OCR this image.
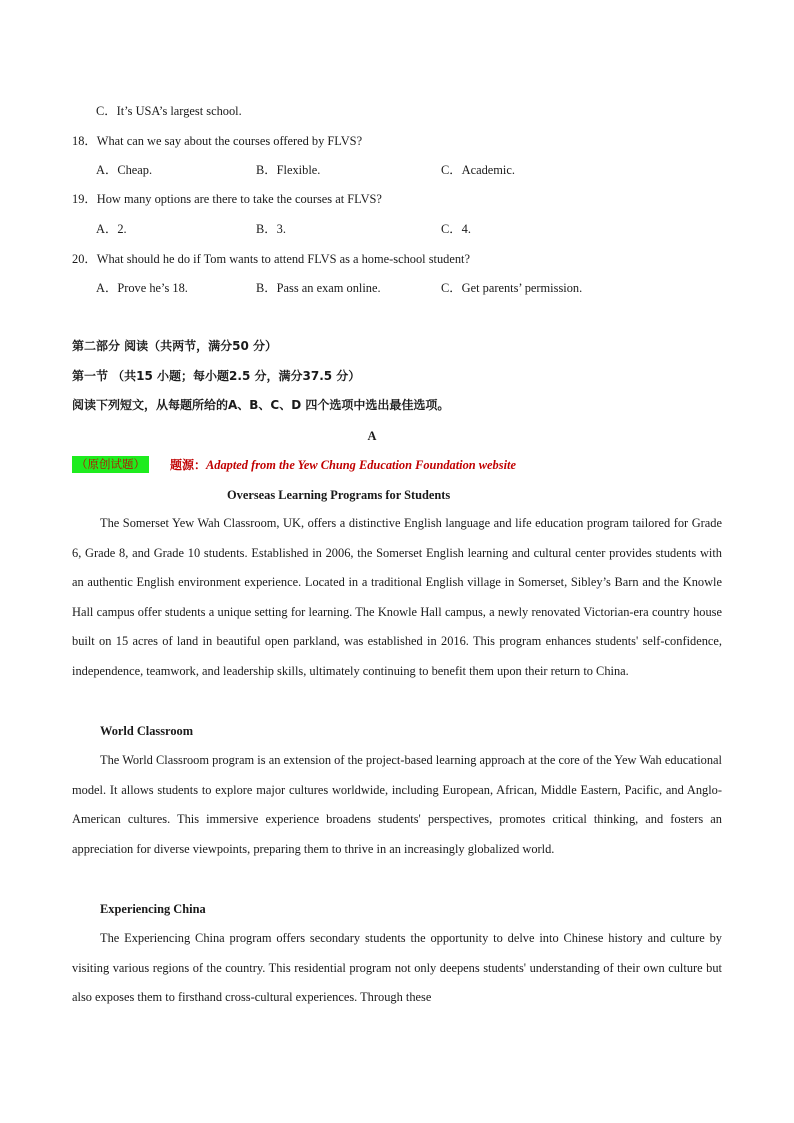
C．It’s USA’s largest school.
18．What can we say about the courses offered by FLVS?
A．Cheap.	B．Flexible.	C．Academic.
19．How many options are there to take the courses at FLVS?
A．2.	B．3.	C．4.
20．What should he do if Tom wants to attend FLVS as a home-school student?
A．Prove he’s 18.	B．Pass an exam online.	C．Get parents’ permission.
第二部分 阅读（共两节，满分50 分）
第一节 （共15 小题；每小题2.5 分，满分37.5 分）
阅读下列短文，从每题所给的A、B、C、D 四个选项中选出最佳选项。
A
（原创试题）	题源：Adapted from the Yew Chung Education Foundation website
Overseas Learning Programs for Students

The Somerset Yew Wah Classroom, UK, offers a distinctive English language and life education program tailored for Grade 6, Grade 8, and Grade 10 students. Established in 2006, the Somerset English learning and cultural center provides students with an authentic English environment experience. Located in a traditional English village in Somerset, Sibley’s Barn and the Knowle Hall campus offer students a unique setting for learning. The Knowle Hall campus, a newly renovated Victorian-era country house built on 15 acres of land in beautiful open parkland, was established in 2016. This program enhances students' self-confidence, independence, teamwork, and leadership skills, ultimately continuing to benefit them upon their return to China.

World Classroom

The World Classroom program is an extension of the project-based learning approach at the core of the Yew Wah educational model. It allows students to explore major cultures worldwide, including European, African, Middle Eastern, Pacific, and Anglo-American cultures. This immersive experience broadens students' perspectives, promotes critical thinking, and fosters an appreciation for diverse viewpoints, preparing them to thrive in an increasingly globalized world.

Experiencing China

The Experiencing China program offers secondary students the opportunity to delve into Chinese history and culture by visiting various regions of the country. This residential program not only deepens students' understanding of their own culture but also exposes them to firsthand cross-cultural experiences. Through these
